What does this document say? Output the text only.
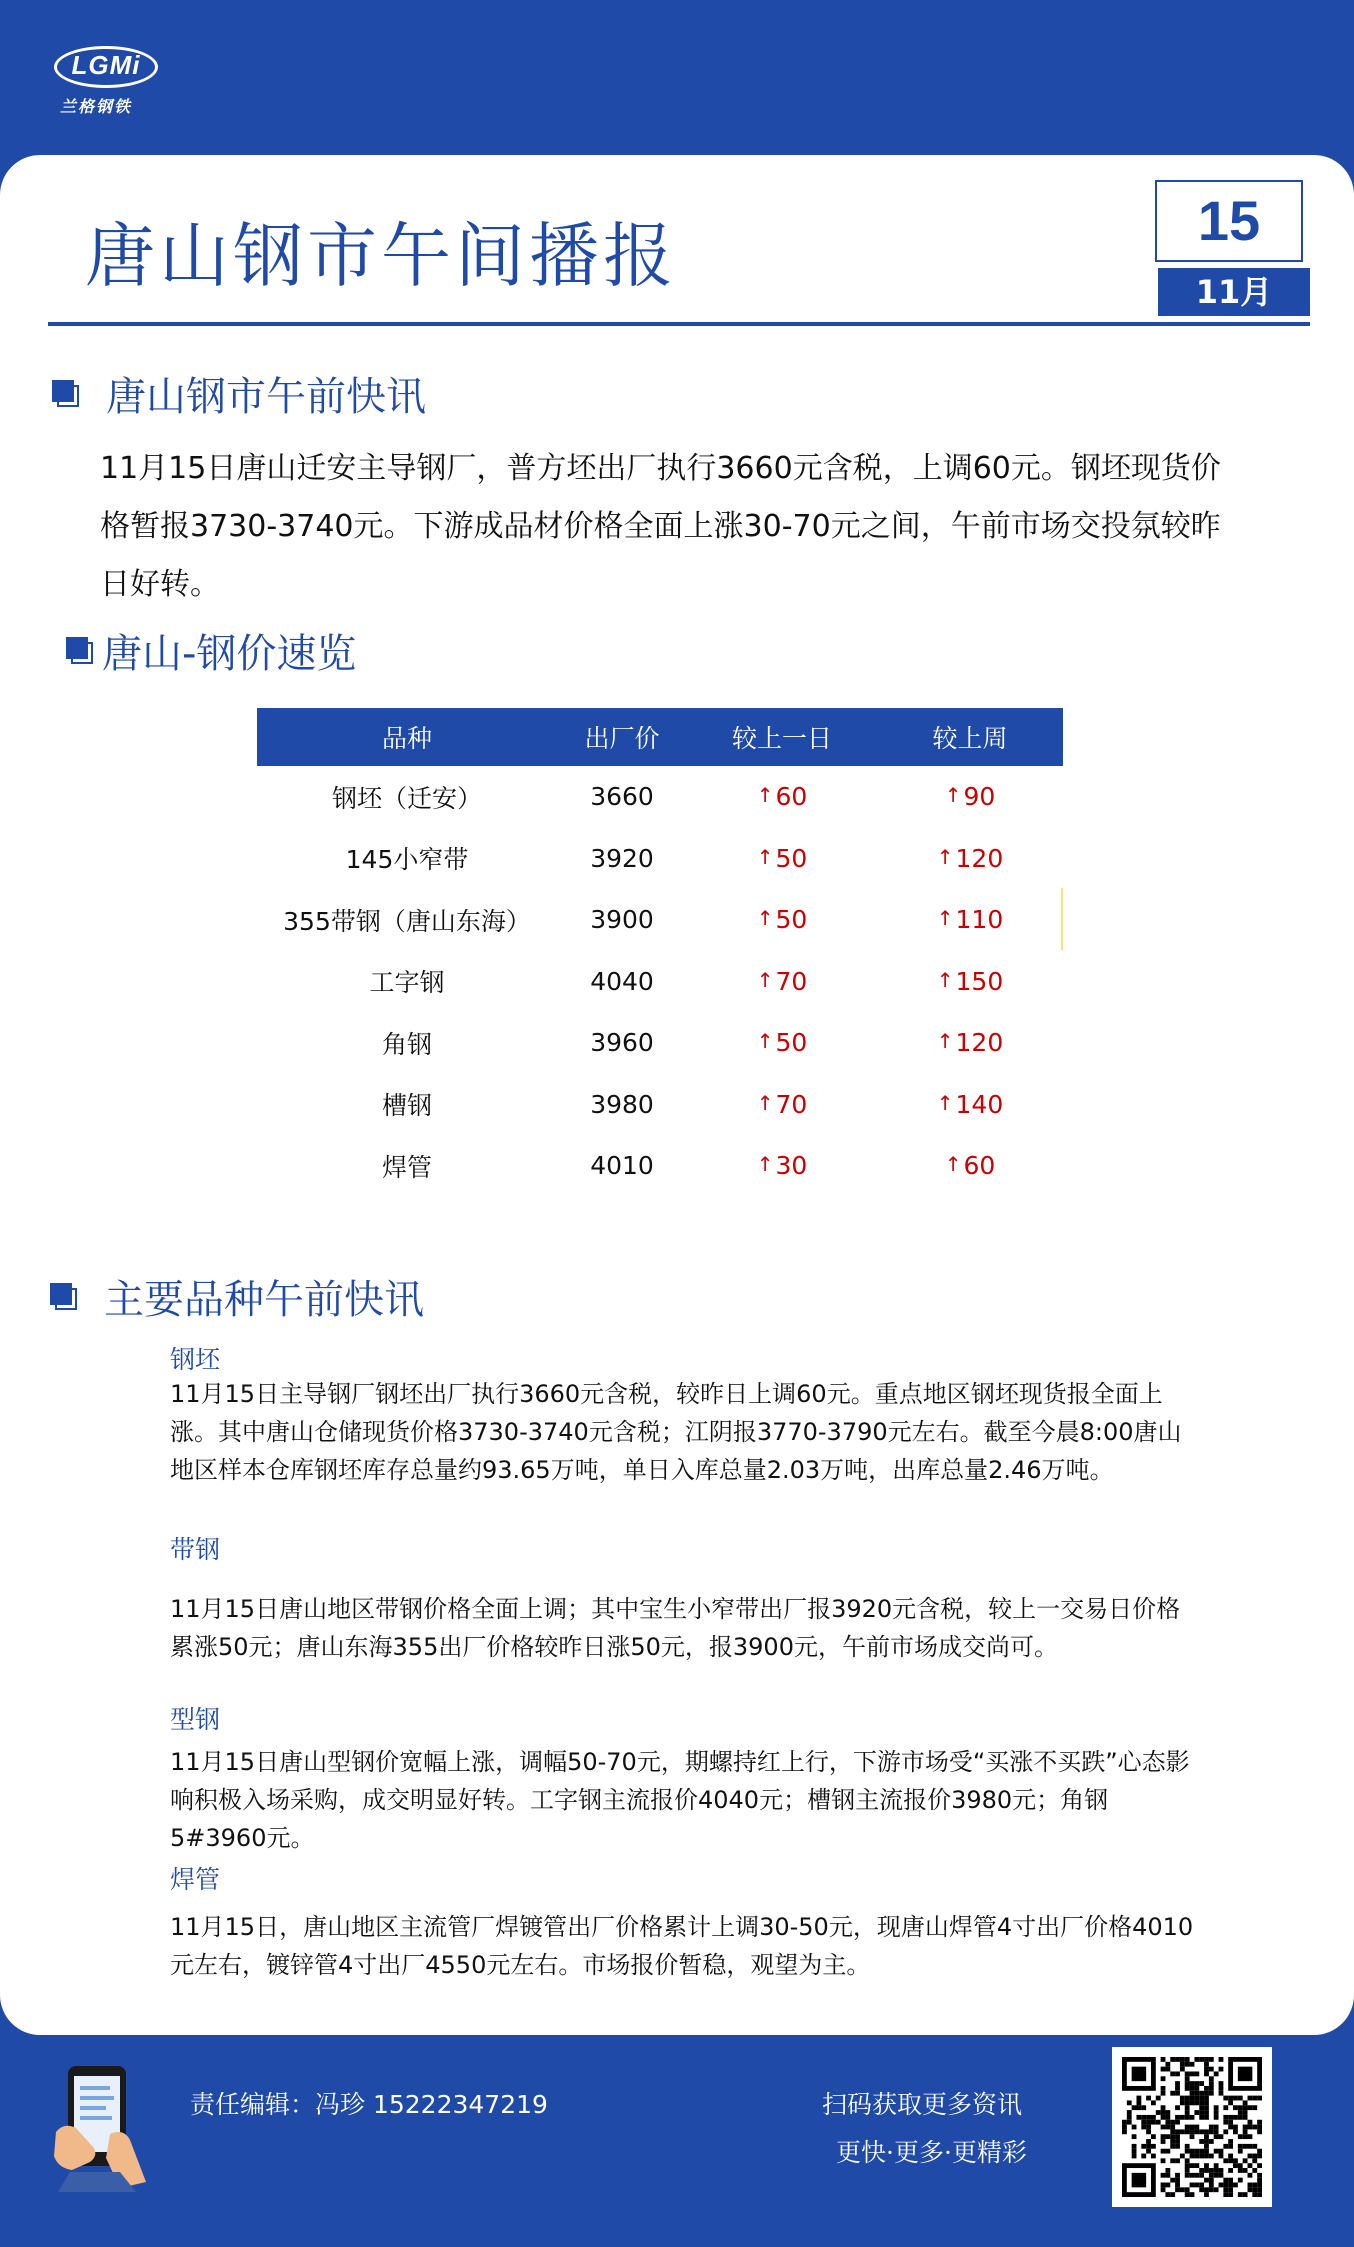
LGMi
兰格钢铁
唐山钢市午间播报	15
11月
唐山钢市午前快讯
11月15日唐山迁安主导钢厂，普方坯出厂执行3660元含税，上调60元。钢坯现货价格暂报3730-3740元。下游成品材价格全面上涨30-70元之间，午前市场交投氛较昨日好转。
唐山-钢价速览
品种	出厂价	较上一日	较上周
钢坯（迁安）	3660	↑60	↑90
145小窄带	3920	↑50	↑120
355带钢（唐山东海）	3900	↑50	↑110
工字钢	4040	↑70	↑150
角钢	3960	↑50	↑120
槽钢	3980	↑70	↑140
焊管	4010	↑30	↑60
主要品种午前快讯
钢坯
11月15日主导钢厂钢坯出厂执行3660元含税，较昨日上调60元。重点地区钢坯现货报全面上涨。其中唐山仓储现货价格3730-3740元含税；江阴报3770-3790元左右。截至今晨8:00唐山地区样本仓库钢坯库存总量约93.65万吨，单日入库总量2.03万吨，出库总量2.46万吨。
带钢
11月15日唐山地区带钢价格全面上调；其中宝生小窄带出厂报3920元含税，较上一交易日价格累涨50元；唐山东海355出厂价格较昨日涨50元，报3900元，午前市场成交尚可。
型钢
11月15日唐山型钢价宽幅上涨，调幅50-70元，期螺持红上行，下游市场受“买涨不买跌”心态影响积极入场采购，成交明显好转。工字钢主流报价4040元；槽钢主流报价3980元；角钢5#3960元。
焊管
11月15日，唐山地区主流管厂焊镀管出厂价格累计上调30-50元，现唐山焊管4寸出厂价格4010元左右，镀锌管4寸出厂4550元左右。市场报价暂稳，观望为主。
责任编辑：冯珍 15222347219	扫码获取更多资讯
更快·更多·更精彩
